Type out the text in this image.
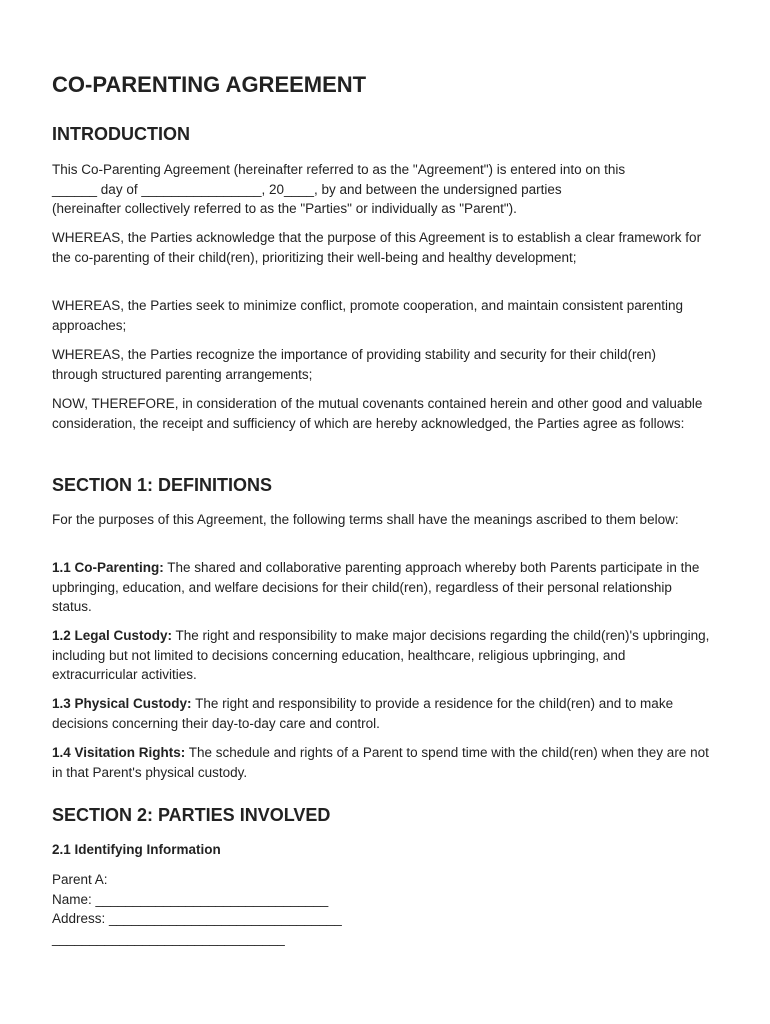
CO-PARENTING AGREEMENT
INTRODUCTION

This Co-Parenting Agreement (hereinafter referred to as the "Agreement") is entered into on this

______ day of ________________, 20____, by and between the undersigned parties

(hereinafter collectively referred to as the "Parties" or individually as "Parent").

WHEREAS, the Parties acknowledge that the purpose of this Agreement is to establish a clear framework for the co-parenting of their child(ren), prioritizing their well-being and healthy development;

WHEREAS, the Parties seek to minimize conflict, promote cooperation, and maintain consistent parenting approaches;

WHEREAS, the Parties recognize the importance of providing stability and security for their child(ren) through structured parenting arrangements;

NOW, THEREFORE, in consideration of the mutual covenants contained herein and other good and valuable consideration, the receipt and sufficiency of which are hereby acknowledged, the Parties agree as follows:

SECTION 1: DEFINITIONS

For the purposes of this Agreement, the following terms shall have the meanings ascribed to them below:

1.1 Co-Parenting: The shared and collaborative parenting approach whereby both Parents participate in the upbringing, education, and welfare decisions for their child(ren), regardless of their personal relationship status.

1.2 Legal Custody: The right and responsibility to make major decisions regarding the child(ren)'s upbringing, including but not limited to decisions concerning education, healthcare, religious upbringing, and extracurricular activities.

1.3 Physical Custody: The right and responsibility to provide a residence for the child(ren) and to make decisions concerning their day-to-day care and control.

1.4 Visitation Rights: The schedule and rights of a Parent to spend time with the child(ren) when they are not in that Parent's physical custody.

SECTION 2: PARTIES INVOLVED
2.1 Identifying Information
Parent A:
Name: _______________________________
Address: _______________________________
_______________________________
